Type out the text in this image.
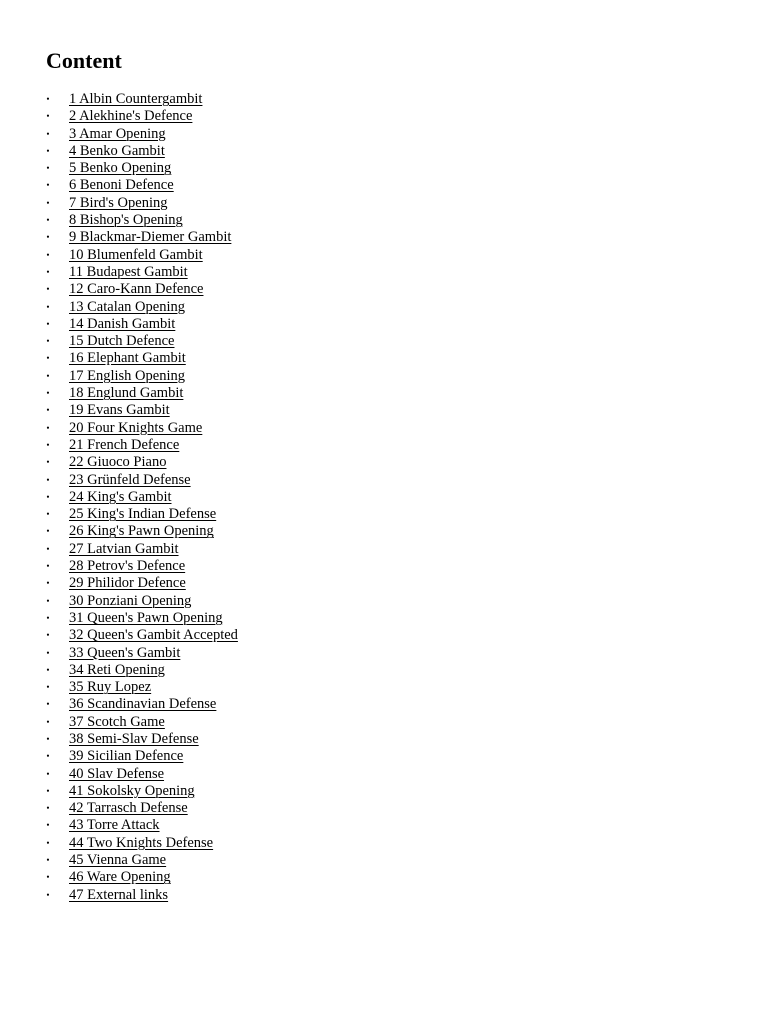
Content
• 1 Albin Countergambit
• 2 Alekhine's Defence
• 3 Amar Opening
• 4 Benko Gambit
• 5 Benko Opening
• 6 Benoni Defence
• 7 Bird's Opening
• 8 Bishop's Opening
• 9 Blackmar-Diemer Gambit
• 10 Blumenfeld Gambit
• 11 Budapest Gambit
• 12 Caro-Kann Defence
• 13 Catalan Opening
• 14 Danish Gambit
• 15 Dutch Defence
• 16 Elephant Gambit
• 17 English Opening
• 18 Englund Gambit
• 19 Evans Gambit
• 20 Four Knights Game
• 21 French Defence
• 22 Giuoco Piano
• 23 Grünfeld Defense
• 24 King's Gambit
• 25 King's Indian Defense
• 26 King's Pawn Opening
• 27 Latvian Gambit
• 28 Petrov's Defence
• 29 Philidor Defence
• 30 Ponziani Opening
• 31 Queen's Pawn Opening
• 32 Queen's Gambit Accepted
• 33 Queen's Gambit
• 34 Reti Opening
• 35 Ruy Lopez
• 36 Scandinavian Defense
• 37 Scotch Game
• 38 Semi-Slav Defense
• 39 Sicilian Defence
• 40 Slav Defense
• 41 Sokolsky Opening
• 42 Tarrasch Defense
• 43 Torre Attack
• 44 Two Knights Defense
• 45 Vienna Game
• 46 Ware Opening
• 47 External links
